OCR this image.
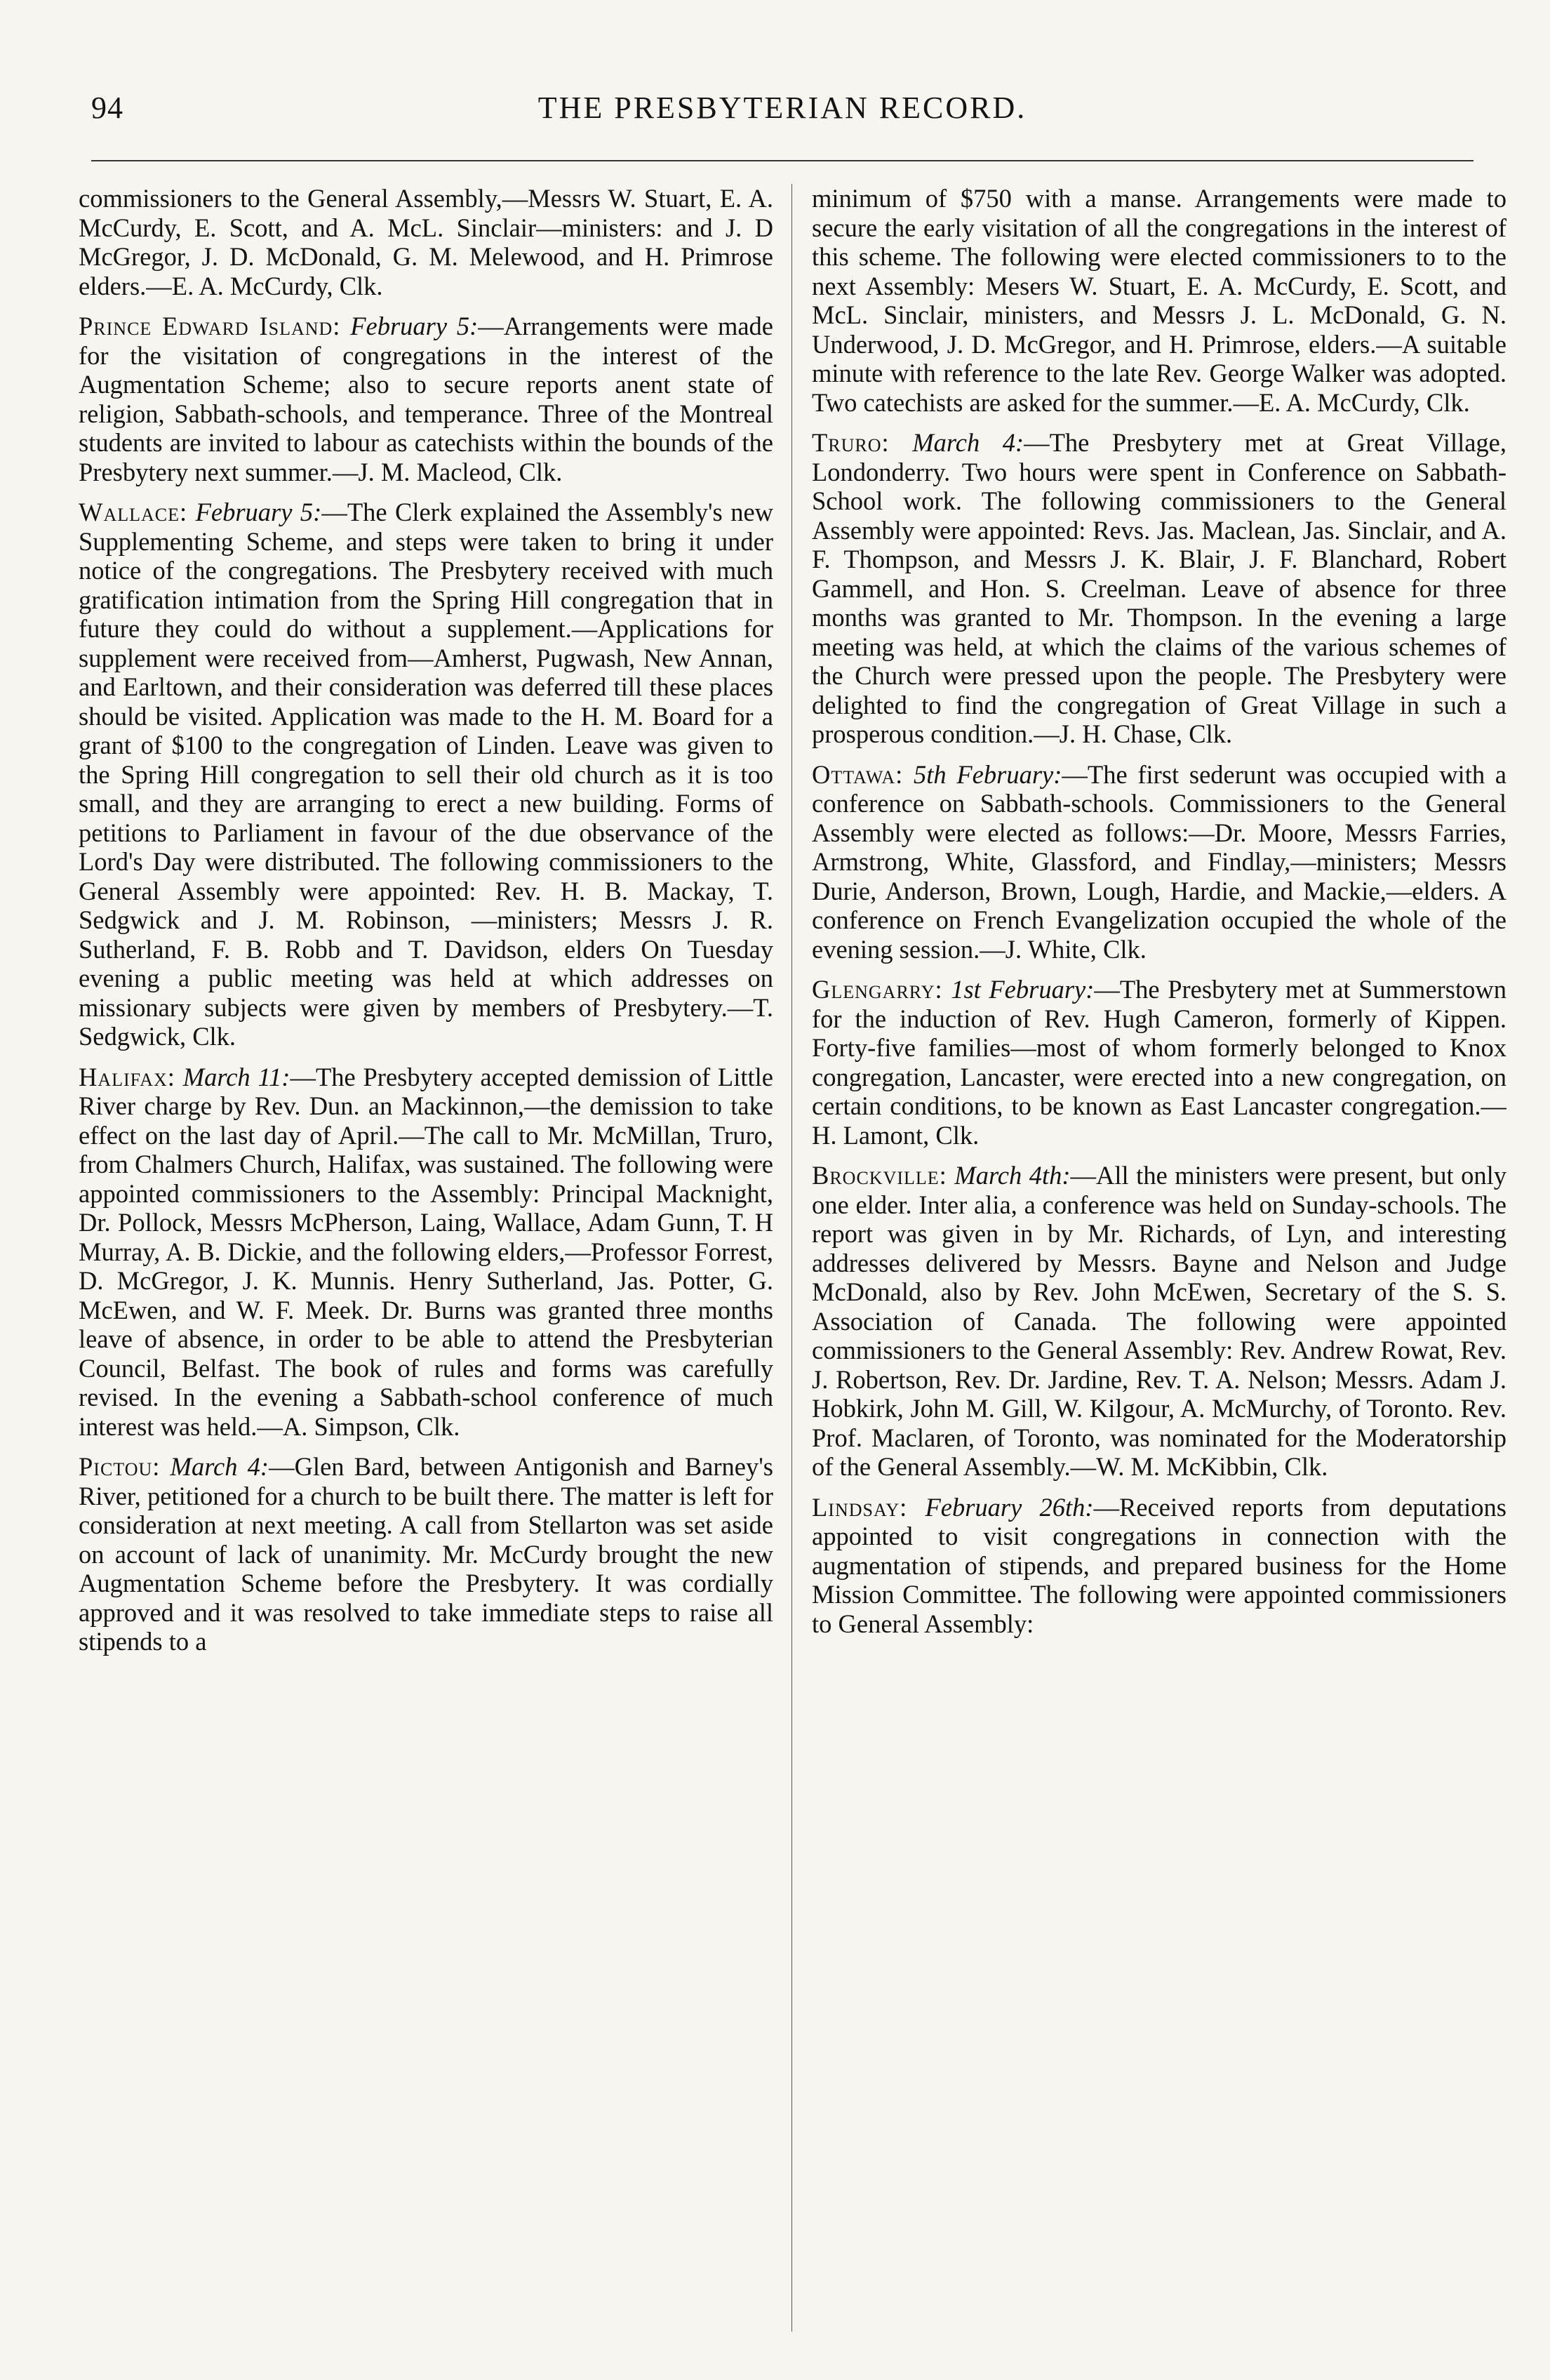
94	THE PRESBYTERIAN RECORD.

commissioners to the General Assembly,—Messrs W. Stuart, E. A. McCurdy, E. Scott, and A. McL. Sinclair—ministers: and J. D McGregor, J. D. McDonald, G. M. Melewood, and H. Primrose elders.—E. A. McCurdy, Clk.

Prince Edward Island: February 5:—Arrangements were made for the visitation of congregations in the interest of the Augmentation Scheme; also to secure reports anent state of religion, Sabbath-schools, and temperance. Three of the Montreal students are invited to labour as catechists within the bounds of the Presbytery next summer.—J. M. Macleod, Clk.

Wallace: February 5:—The Clerk explained the Assembly's new Supplementing Scheme, and steps were taken to bring it under notice of the congregations. The Presbytery received with much gratification intimation from the Spring Hill congregation that in future they could do without a supplement.—Applications for supplement were received from—Amherst, Pugwash, New Annan, and Earltown, and their consideration was deferred till these places should be visited. Application was made to the H. M. Board for a grant of $100 to the congregation of Linden. Leave was given to the Spring Hill congregation to sell their old church as it is too small, and they are arranging to erect a new building. Forms of petitions to Parliament in favour of the due observance of the Lord's Day were distributed. The following commissioners to the General Assembly were appointed: Rev. H. B. Mackay, T. Sedgwick and J. M. Robinson, —ministers; Messrs J. R. Sutherland, F. B. Robb and T. Davidson, elders On Tuesday evening a public meeting was held at which addresses on missionary subjects were given by members of Presbytery.—T. Sedgwick, Clk.

Halifax: March 11:—The Presbytery accepted demission of Little River charge by Rev. Dun. an Mackinnon,—the demission to take effect on the last day of April.—The call to Mr. McMillan, Truro, from Chalmers Church, Halifax, was sustained. The following were appointed commissioners to the Assembly: Principal Macknight, Dr. Pollock, Messrs McPherson, Laing, Wallace, Adam Gunn, T. H Murray, A. B. Dickie, and the following elders,—Professor Forrest, D. McGregor, J. K. Munnis. Henry Sutherland, Jas. Potter, G. McEwen, and W. F. Meek. Dr. Burns was granted three months leave of absence, in order to be able to attend the Presbyterian Council, Belfast. The book of rules and forms was carefully revised. In the evening a Sabbath-school conference of much interest was held.—A. Simpson, Clk.

Pictou: March 4:—Glen Bard, between Antigonish and Barney's River, petitioned for a church to be built there. The matter is left for consideration at next meeting. A call from Stellarton was set aside on account of lack of unanimity. Mr. McCurdy brought the new Augmentation Scheme before the Presbytery. It was cordially approved and it was resolved to take immediate steps to raise all stipends to a

minimum of $750 with a manse. Arrangements were made to secure the early visitation of all the congregations in the interest of this scheme. The following were elected commissioners to to the next Assembly: Mesers W. Stuart, E. A. McCurdy, E. Scott, and McL. Sinclair, ministers, and Messrs J. L. McDonald, G. N. Underwood, J. D. McGregor, and H. Primrose, elders.—A suitable minute with reference to the late Rev. George Walker was adopted. Two catechists are asked for the summer.—E. A. McCurdy, Clk.

Truro: March 4:—The Presbytery met at Great Village, Londonderry. Two hours were spent in Conference on Sabbath-School work. The following commissioners to the General Assembly were appointed: Revs. Jas. Maclean, Jas. Sinclair, and A. F. Thompson, and Messrs J. K. Blair, J. F. Blanchard, Robert Gammell, and Hon. S. Creelman. Leave of absence for three months was granted to Mr. Thompson. In the evening a large meeting was held, at which the claims of the various schemes of the Church were pressed upon the people. The Presbytery were delighted to find the congregation of Great Village in such a prosperous condition.—J. H. Chase, Clk.

Ottawa: 5th February:—The first sederunt was occupied with a conference on Sabbath-schools. Commissioners to the General Assembly were elected as follows:—Dr. Moore, Messrs Farries, Armstrong, White, Glassford, and Findlay,—ministers; Messrs Durie, Anderson, Brown, Lough, Hardie, and Mackie,—elders. A conference on French Evangelization occupied the whole of the evening session.—J. White, Clk.

Glengarry: 1st February:—The Presbytery met at Summerstown for the induction of Rev. Hugh Cameron, formerly of Kippen. Forty-five families—most of whom formerly belonged to Knox congregation, Lancaster, were erected into a new congregation, on certain conditions, to be known as East Lancaster congregation.—H. Lamont, Clk.

Brockville: March 4th:—All the ministers were present, but only one elder. Inter alia, a conference was held on Sunday-schools. The report was given in by Mr. Richards, of Lyn, and interesting addresses delivered by Messrs. Bayne and Nelson and Judge McDonald, also by Rev. John McEwen, Secretary of the S. S. Association of Canada. The following were appointed commissioners to the General Assembly: Rev. Andrew Rowat, Rev. J. Robertson, Rev. Dr. Jardine, Rev. T. A. Nelson; Messrs. Adam J. Hobkirk, John M. Gill, W. Kilgour, A. McMurchy, of Toronto. Rev. Prof. Maclaren, of Toronto, was nominated for the Moderatorship of the General Assembly.—W. M. McKibbin, Clk.

Lindsay: February 26th:—Received reports from deputations appointed to visit congregations in connection with the augmentation of stipends, and prepared business for the Home Mission Committee. The following were appointed commissioners to General Assembly:
